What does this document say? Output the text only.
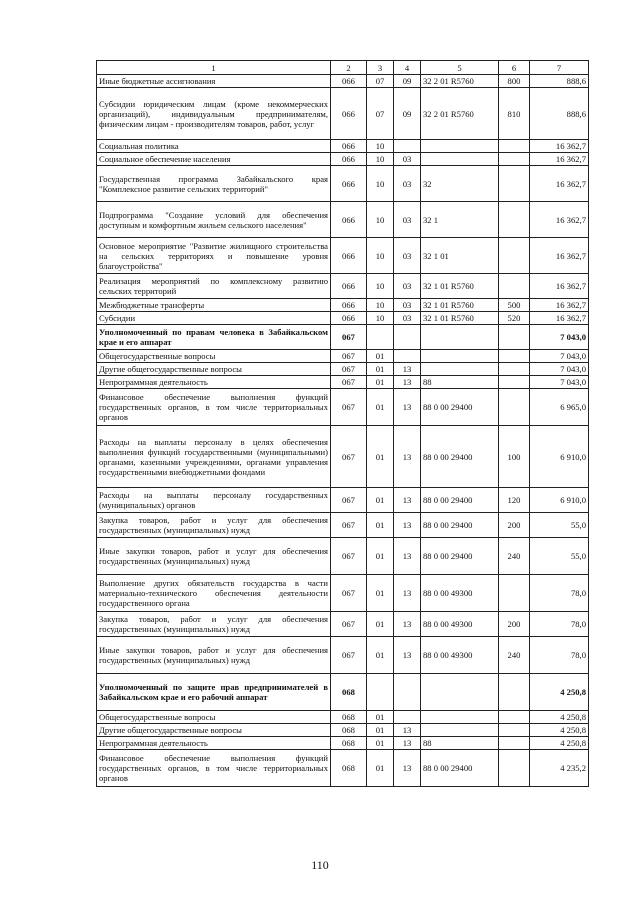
1	2	3	4	5	6	7
Иные бюджетные ассигнования	066	07	09	32 2 01 R5760	800	888,6
Субсидии юридическим лицам (кроме некоммерческих организаций), индивидуальным предпринимателям, физическим лицам - производителям товаров, работ, услуг	066	07	09	32 2 01 R5760	810	888,6
Социальная политика	066	10				16 362,7
Социальное обеспечение населения	066	10	03			16 362,7
Государственная программа Забайкальского края "Комплексное развитие сельских территорий"	066	10	03	32		16 362,7
Подпрограмма "Создание условий для обеспечения доступным и комфортным жильем сельского населения"	066	10	03	32 1		16 362,7
Основное мероприятие "Развитие жилищного строительства на сельских территориях и повышение уровня благоустройства"	066	10	03	32 1 01		16 362,7
Реализация мероприятий по комплексному развитию сельских территорий	066	10	03	32 1 01 R5760		16 362,7
Межбюджетные трансферты	066	10	03	32 1 01 R5760	500	16 362,7
Субсидии	066	10	03	32 1 01 R5760	520	16 362,7
Уполномоченный по правам человека в Забайкальском крае и его аппарат	067					7 043,0
Общегосударственные вопросы	067	01				7 043,0
Другие общегосударственные вопросы	067	01	13			7 043,0
Непрограммная деятельность	067	01	13	88		7 043,0
Финансовое обеспечение выполнения функций государственных органов, в том числе территориальных органов	067	01	13	88 0 00 29400		6 965,0
Расходы на выплаты персоналу в целях обеспечения выполнения функций государственными (муниципальными) органами, казенными учреждениями, органами управления государственными внебюджетными фондами	067	01	13	88 0 00 29400	100	6 910,0
Расходы на выплаты персоналу государственных (муниципальных) органов	067	01	13	88 0 00 29400	120	6 910,0
Закупка товаров, работ и услуг для обеспечения государственных (муниципальных) нужд	067	01	13	88 0 00 29400	200	55,0
Иные закупки товаров, работ и услуг для обеспечения государственных (муниципальных) нужд	067	01	13	88 0 00 29400	240	55,0
Выполнение других обязательств государства в части материально-технического обеспечения деятельности государственного органа	067	01	13	88 0 00 49300		78,0
Закупка товаров, работ и услуг для обеспечения государственных (муниципальных) нужд	067	01	13	88 0 00 49300	200	78,0
Иные закупки товаров, работ и услуг для обеспечения государственных (муниципальных) нужд	067	01	13	88 0 00 49300	240	78,0
Уполномоченный по защите прав предпринимателей в Забайкальском крае и его рабочий аппарат	068					4 250,8
Общегосударственные вопросы	068	01				4 250,8
Другие общегосударственные вопросы	068	01	13			4 250,8
Непрограммная деятельность	068	01	13	88		4 250,8
Финансовое обеспечение выполнения функций государственных органов, в том числе территориальных органов	068	01	13	88 0 00 29400		4 235,2
110
